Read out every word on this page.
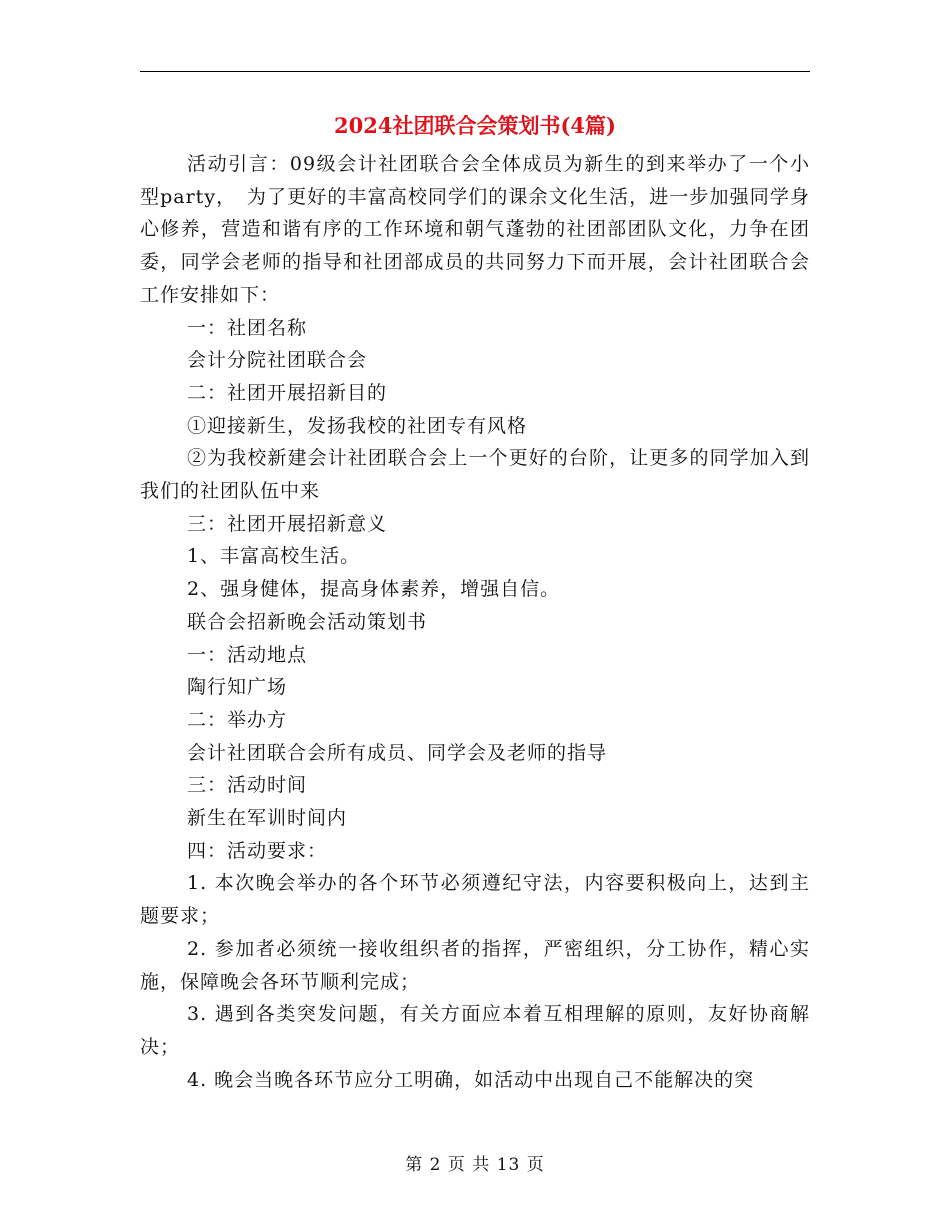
2024社团联合会策划书(4篇)

活动引言：09级会计社团联合会全体成员为新生的到来举办了一个小型party，　为了更好的丰富高校同学们的课余文化生活，进一步加强同学身心修养，营造和谐有序的工作环境和朝气蓬勃的社团部团队文化，力争在团委，同学会老师的指导和社团部成员的共同努力下而开展，会计社团联合会工作安排如下：

一：社团名称

会计分院社团联合会

二：社团开展招新目的

①迎接新生，发扬我校的社团专有风格

②为我校新建会计社团联合会上一个更好的台阶，让更多的同学加入到我们的社团队伍中来

三：社团开展招新意义

1、丰富高校生活。

2、强身健体，提高身体素养，增强自信。

联合会招新晚会活动策划书

一：活动地点

陶行知广场

二：举办方

会计社团联合会所有成员、同学会及老师的指导

三：活动时间

新生在军训时间内

四：活动要求：

1. 本次晚会举办的各个环节必须遵纪守法，内容要积极向上，达到主题要求；

2. 参加者必须统一接收组织者的指挥，严密组织，分工协作，精心实施，保障晚会各环节顺利完成；

3. 遇到各类突发问题，有关方面应本着互相理解的原则，友好协商解决；

4. 晚会当晚各环节应分工明确，如活动中出现自己不能解决的突

第 2 页 共 13 页
